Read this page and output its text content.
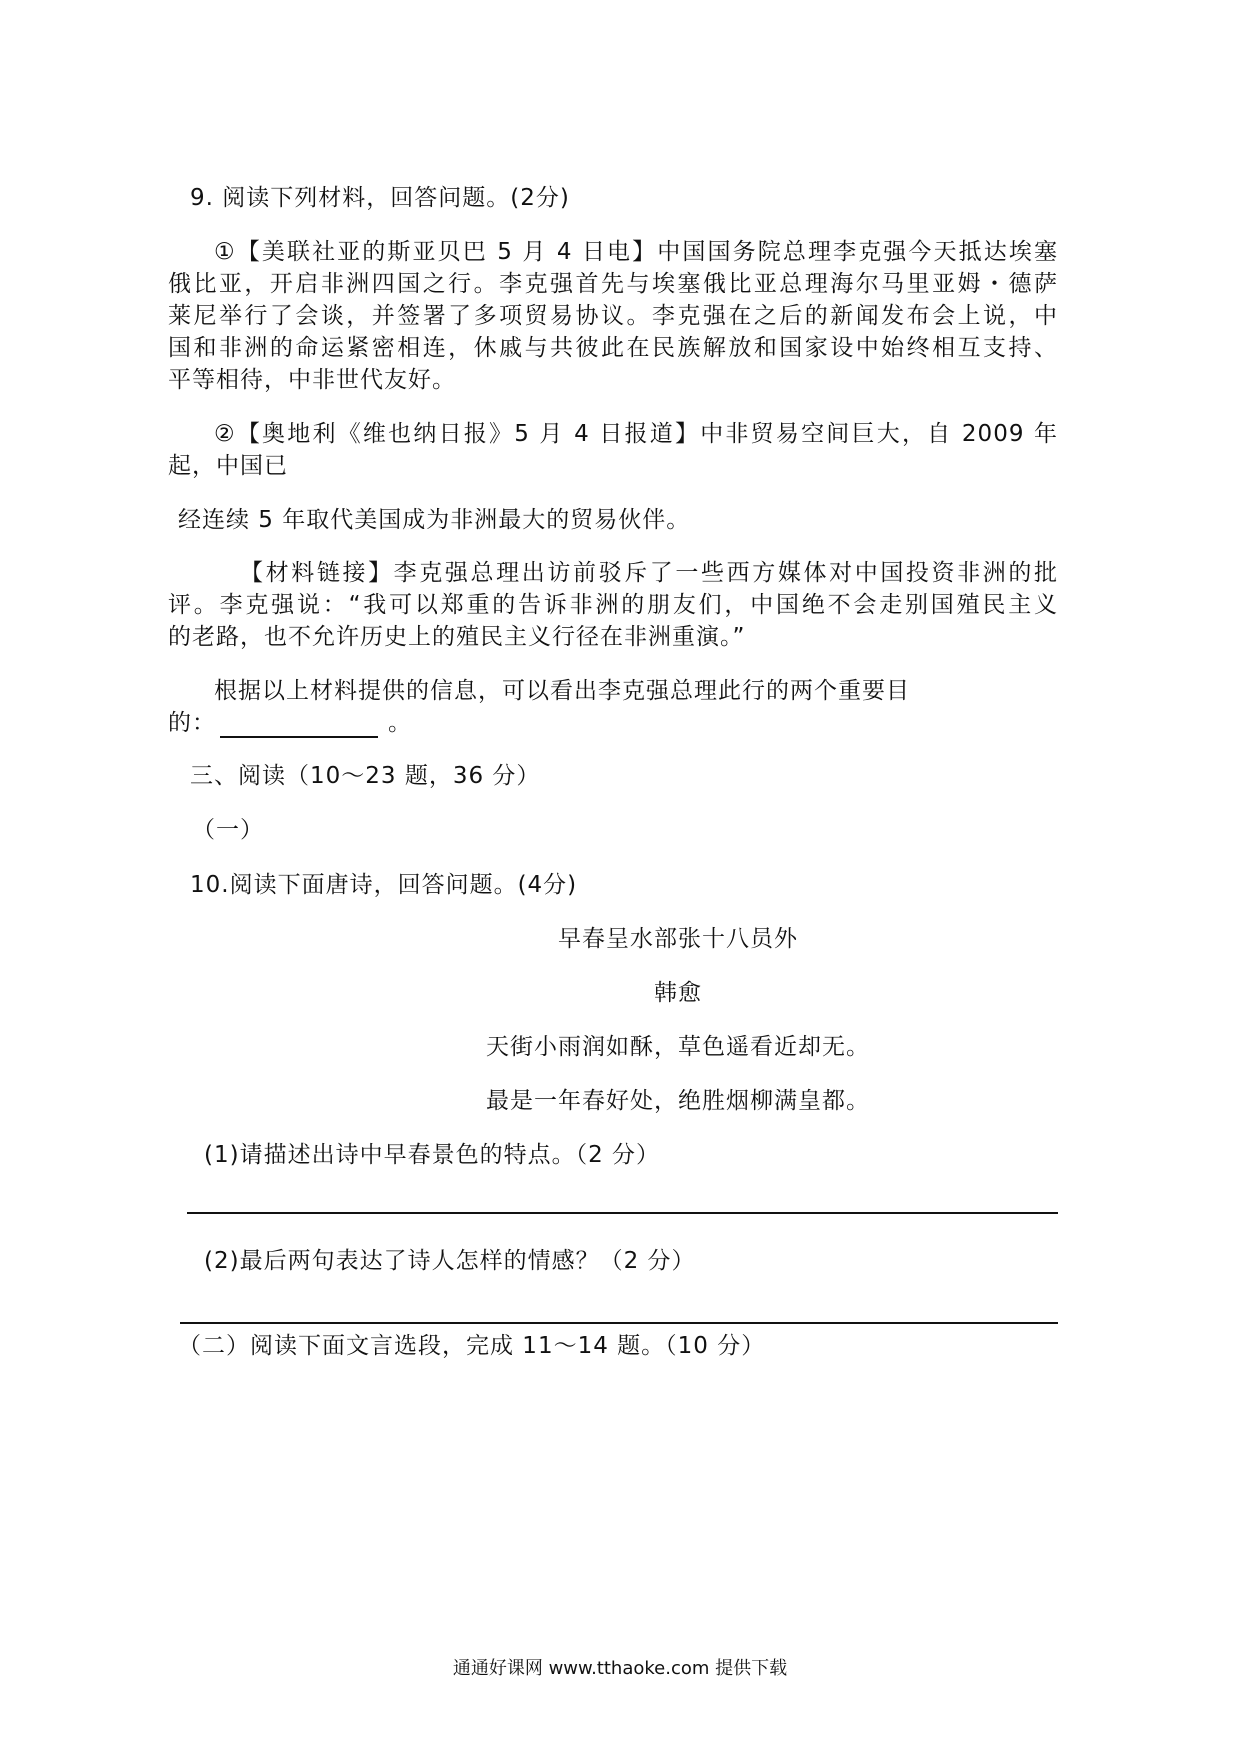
9. 阅读下列材料，回答问题。(2分)
①【美联社亚的斯亚贝巴 5 月 4 日电】中国国务院总理李克强今天抵达埃塞
俄比亚，开启非洲四国之行。李克强首先与埃塞俄比亚总理海尔马里亚姆・德萨
莱尼举行了会谈，并签署了多项贸易协议。李克强在之后的新闻发布会上说，中
国和非洲的命运紧密相连，休戚与共彼此在民族解放和国家设中始终相互支持、
平等相待，中非世代友好。
②【奥地利《维也纳日报》5 月 4 日报道】中非贸易空间巨大，自 2009 年
起，中国已
经连续 5 年取代美国成为非洲最大的贸易伙伴。
【材料链接】李克强总理出访前驳斥了一些西方媒体对中国投资非洲的批
评。李克强说：“我可以郑重的告诉非洲的朋友们，中国绝不会走别国殖民主义
的老路，也不允许历史上的殖民主义行径在非洲重演。”
根据以上材料提供的信息，可以看出李克强总理此行的两个重要目
的：	。
三、阅读（10～23 题，36 分）
（一）
10.阅读下面唐诗，回答问题。(4分)
早春呈水部张十八员外
韩愈
天街小雨润如酥，草色遥看近却无。
最是一年春好处，绝胜烟柳满皇都。
(1)请描述出诗中早春景色的特点。（2 分）
(2)最后两句表达了诗人怎样的情感？（2 分）
（二）阅读下面文言选段，完成 11～14 题。（10 分）
通通好课网 www.tthaoke.com 提供下载
